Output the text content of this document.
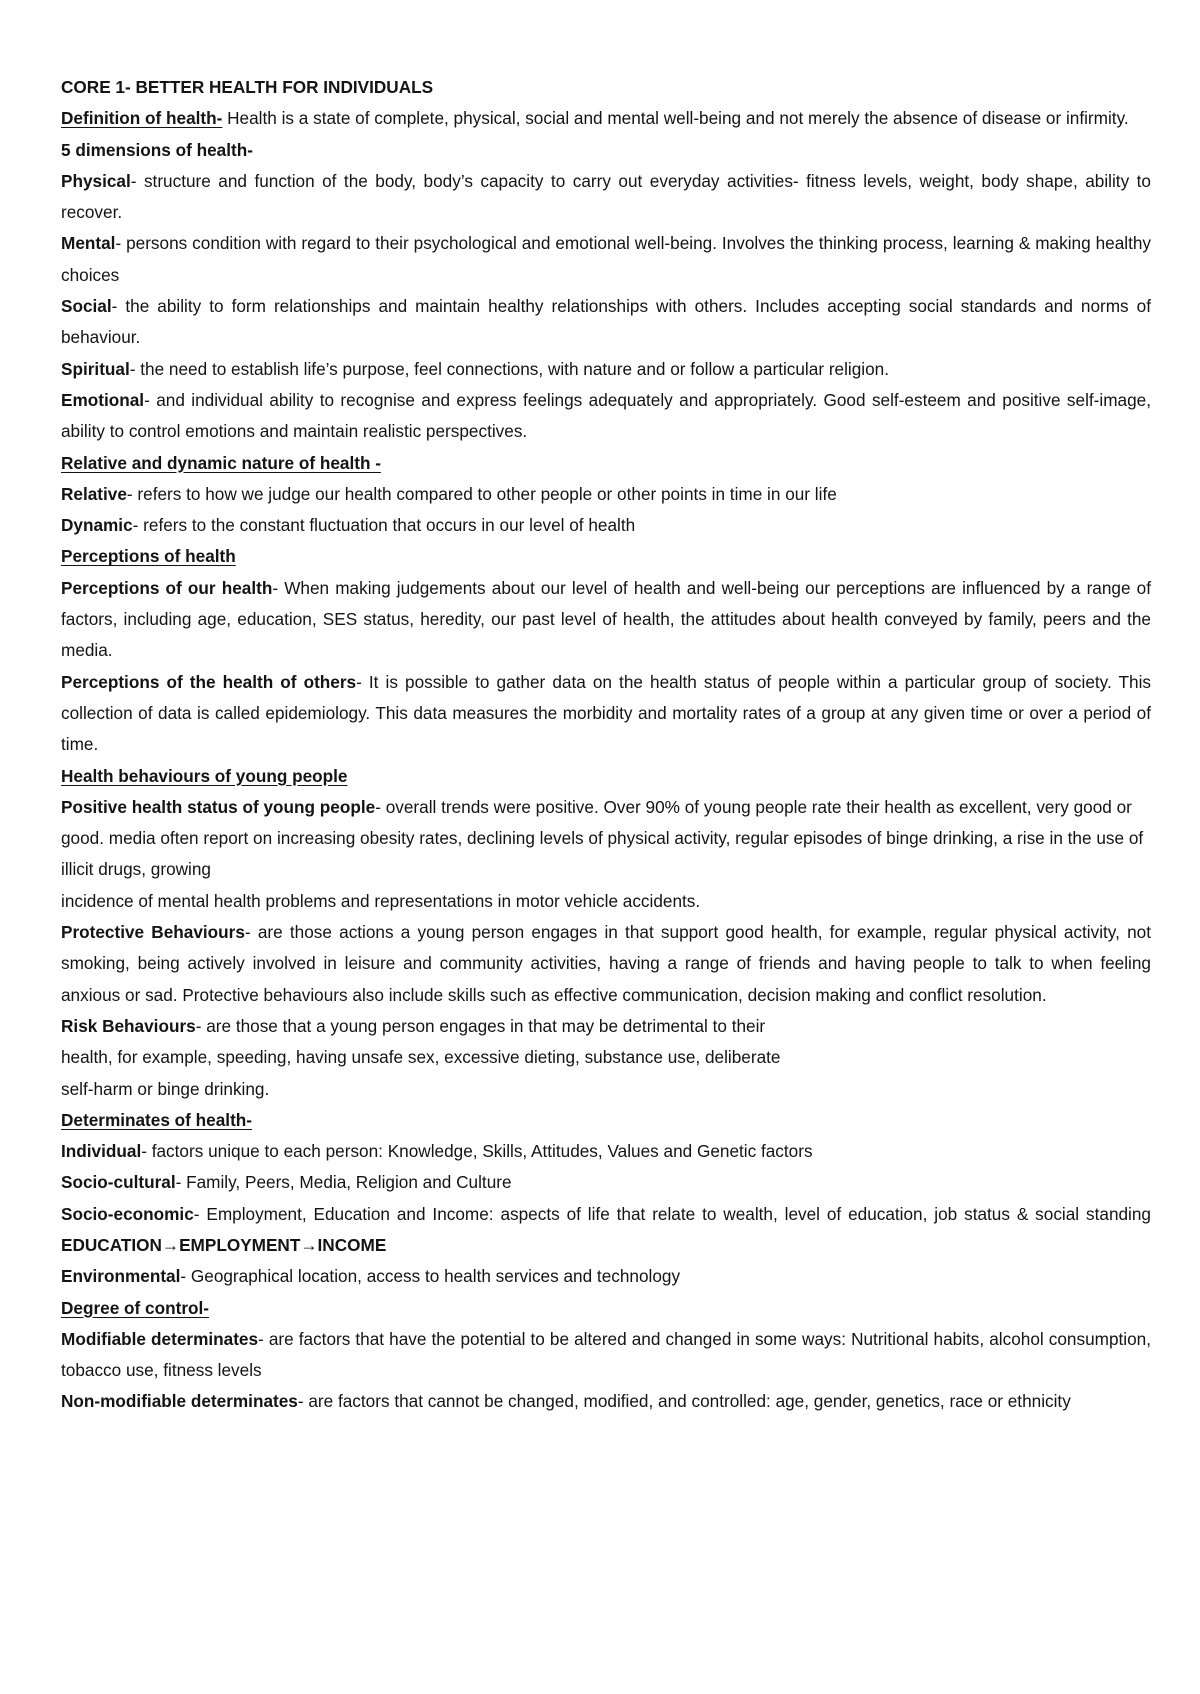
CORE 1- BETTER HEALTH FOR INDIVIDUALS

Definition of health- Health is a state of complete, physical, social and mental well-being and not merely the absence of disease or infirmity.

5 dimensions of health-

Physical- structure and function of the body, body’s capacity to carry out everyday activities- fitness levels, weight, body shape, ability to recover.

Mental- persons condition with regard to their psychological and emotional well-being. Involves the thinking process, learning & making healthy choices

Social- the ability to form relationships and maintain healthy relationships with others. Includes accepting social standards and norms of behaviour.

Spiritual- the need to establish life’s purpose, feel connections, with nature and or follow a particular religion.

Emotional- and individual ability to recognise and express feelings adequately and appropriately. Good self-esteem and positive self-image, ability to control emotions and maintain realistic perspectives.

Relative and dynamic nature of health -

Relative- refers to how we judge our health compared to other people or other points in time in our life

Dynamic- refers to the constant fluctuation that occurs in our level of health

Perceptions of health

Perceptions of our health- When making judgements about our level of health and well-being our perceptions are influenced by a range of factors, including age, education, SES status, heredity, our past level of health, the attitudes about health conveyed by family, peers and the media.

Perceptions of the health of others- It is possible to gather data on the health status of people within a particular group of society. This collection of data is called epidemiology. This data measures the morbidity and mortality rates of a group at any given time or over a period of time.

Health behaviours of young people

Positive health status of young people- overall trends were positive. Over 90% of young people rate their health as excellent, very good or good. media often report on increasing obesity rates, declining levels of physical activity, regular episodes of binge drinking, a rise in the use of illicit drugs, growing

incidence of mental health problems and representations in motor vehicle accidents.

Protective Behaviours- are those actions a young person engages in that support good health, for example, regular physical activity, not smoking, being actively involved in leisure and community activities, having a range of friends and having people to talk to when feeling anxious or sad. Protective behaviours also include skills such as effective communication, decision making and conflict resolution.

Risk Behaviours- are those that a young person engages in that may be detrimental to their

health, for example, speeding, having unsafe sex, excessive dieting, substance use, deliberate

self-harm or binge drinking.

Determinates of health-

Individual- factors unique to each person: Knowledge, Skills, Attitudes, Values and Genetic factors

Socio-cultural- Family, Peers, Media, Religion and Culture

Socio-economic- Employment, Education and Income: aspects of life that relate to wealth, level of education, job status & social standing EDUCATION→EMPLOYMENT→INCOME

Environmental- Geographical location, access to health services and technology

Degree of control-

Modifiable determinates- are factors that have the potential to be altered and changed in some ways: Nutritional habits, alcohol consumption, tobacco use, fitness levels

Non-modifiable determinates- are factors that cannot be changed, modified, and controlled: age, gender, genetics, race or ethnicity
